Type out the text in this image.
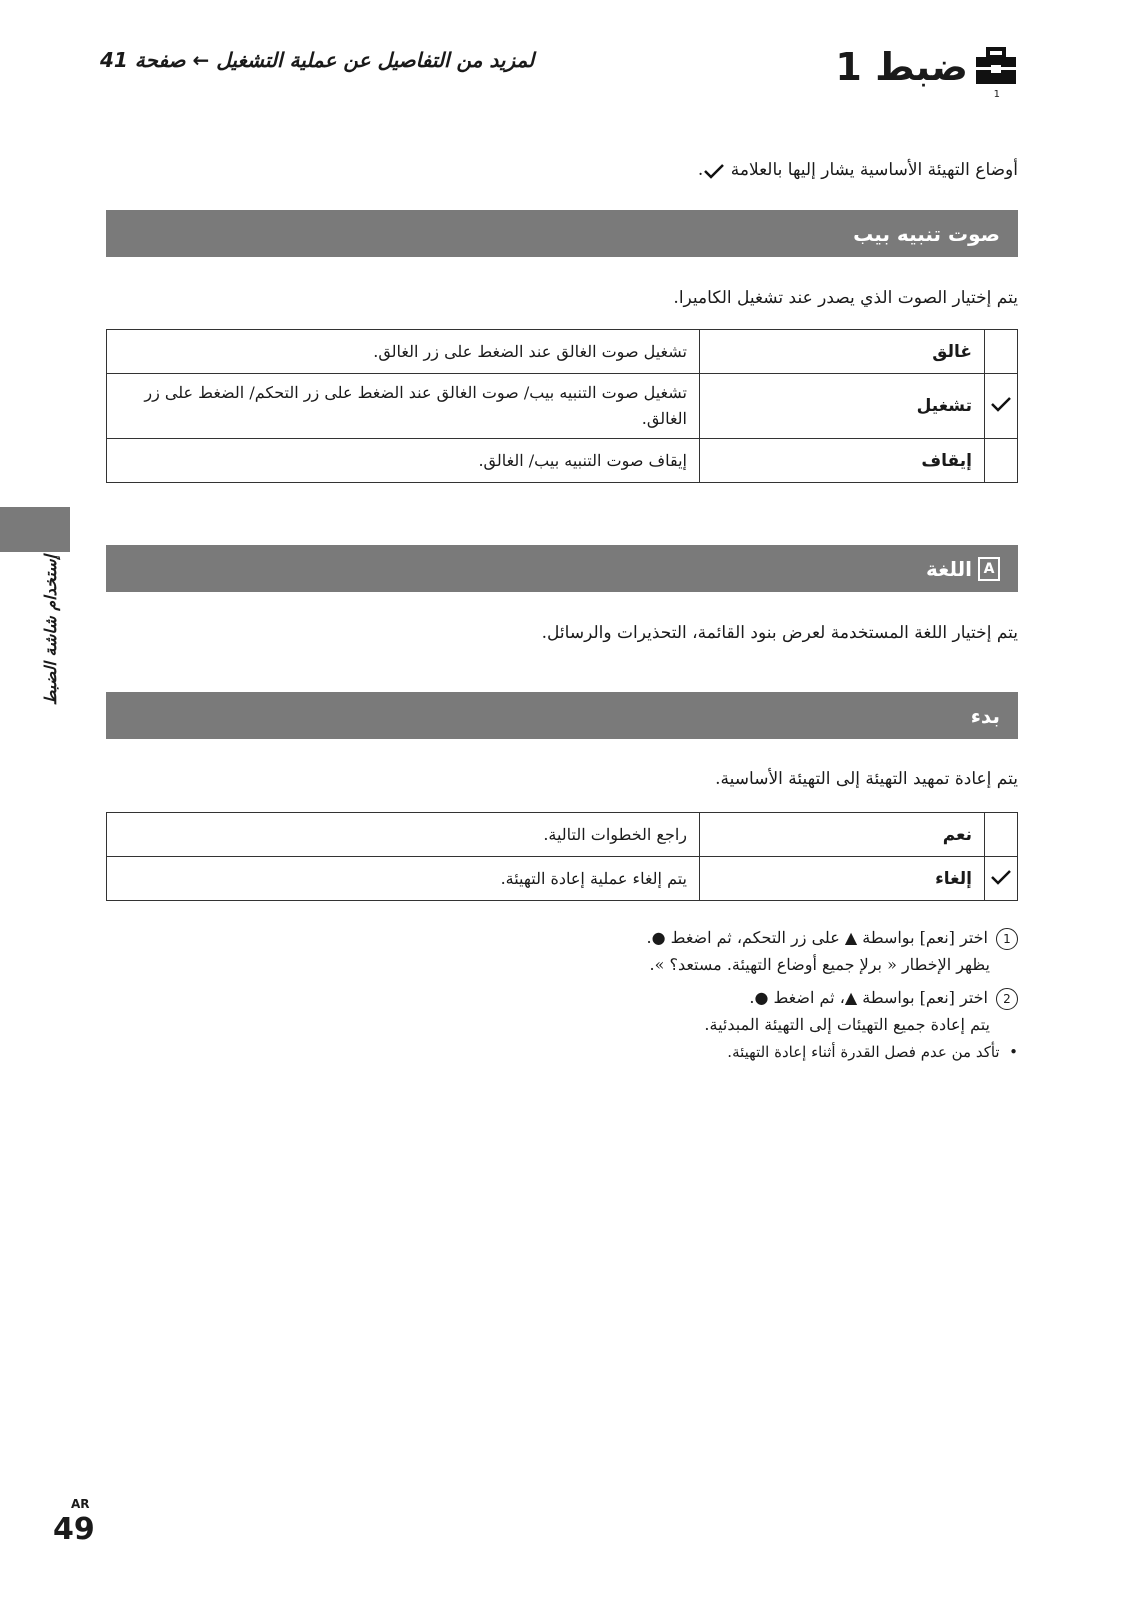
لمزيد من التفاصيل عن عملية التشغيل ← صفحة 41
1
ضبط 1
أوضاع التهيئة الأساسية يشار إليها بالعلامة .
صوت تنبيه بيب
يتم إختيار الصوت الذي يصدر عند تشغيل الكاميرا.
	غالق	تشغيل صوت الغالق عند الضغط على زر الغالق.
	تشغيل	تشغيل صوت التنبيه بيب/ صوت الغالق عند الضغط على زر التحكم/ الضغط على زر الغالق.
	إيقاف	إيقاف صوت التنبيه بيب/ الغالق.
إستخدام شاشة الضبط	A
اللغة
يتم إختيار اللغة المستخدمة لعرض بنود القائمة، التحذيرات والرسائل.
بدء
يتم إعادة تمهيد التهيئة إلى التهيئة الأساسية.
	نعم	راجع الخطوات التالية.
	إلغاء	يتم إلغاء عملية إعادة التهيئة.
1اختر [نعم] بواسطة ▲ على زر التحكم، ثم اضغط ●.
يظهر الإخطار « برﻹ جميع أوضاع التهيئة. مستعد؟ ».
2اختر [نعم] بواسطة ▲، ثم اضغط ●.
يتم إعادة جميع التهيئات إلى التهيئة المبدئية.
•  تأكد من عدم فصل القدرة أثناء إعادة التهيئة.
AR
49
